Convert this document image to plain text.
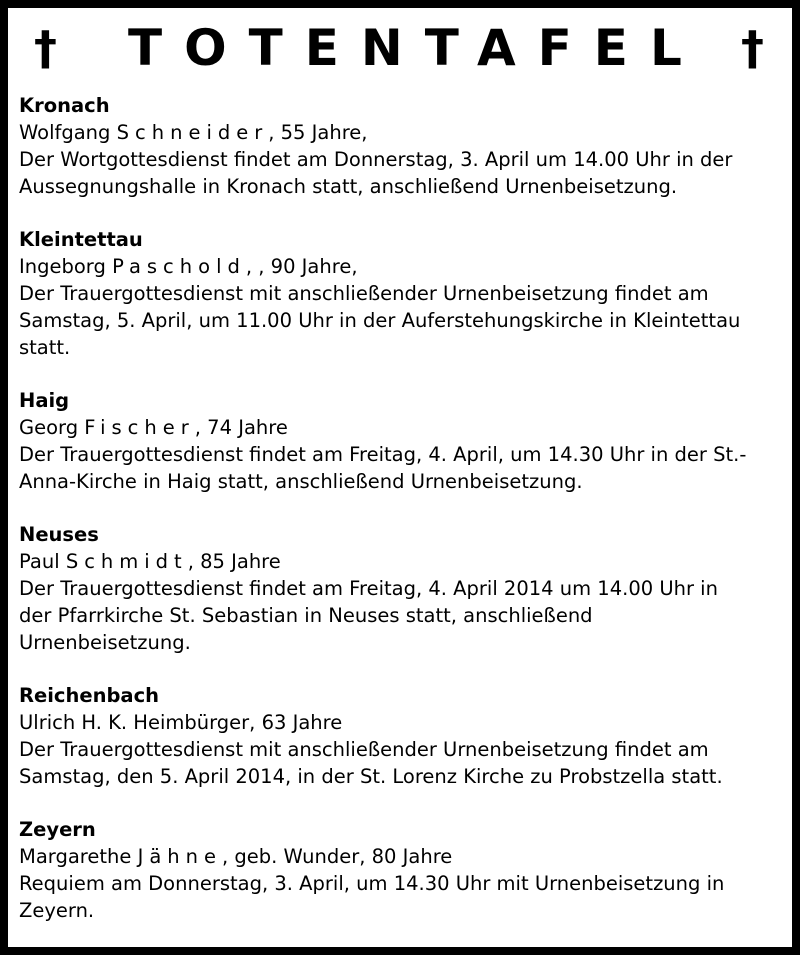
† TOTENTAFEL †
Kronach
Wolfgang Schneider, 55 Jahre,
Der Wortgottesdienst findet am Donnerstag, 3. April um 14.00 Uhr in der
Aussegnungshalle in Kronach statt, anschließend Urnenbeisetzung.
Kleintettau
Ingeborg Paschold, , 90 Jahre,
Der Trauergottesdienst mit anschließender Urnenbeisetzung findet am
Samstag, 5. April, um 11.00 Uhr in der Auferstehungskirche in Kleintettau
statt.
Haig
Georg Fischer, 74 Jahre
Der Trauergottesdienst findet am Freitag, 4. April, um 14.30 Uhr in der St.-
Anna-Kirche in Haig statt, anschließend Urnenbeisetzung.
Neuses
Paul Schmidt, 85 Jahre
Der Trauergottesdienst findet am Freitag, 4. April 2014 um 14.00 Uhr in
der Pfarrkirche St. Sebastian in Neuses statt, anschließend
Urnenbeisetzung.
Reichenbach
Ulrich H. K. Heimbürger, 63 Jahre
Der Trauergottesdienst mit anschließender Urnenbeisetzung findet am
Samstag, den 5. April 2014, in der St. Lorenz Kirche zu Probstzella statt.
Zeyern
Margarethe Jähne, geb. Wunder, 80 Jahre
Requiem am Donnerstag, 3. April, um 14.30 Uhr mit Urnenbeisetzung in
Zeyern.
